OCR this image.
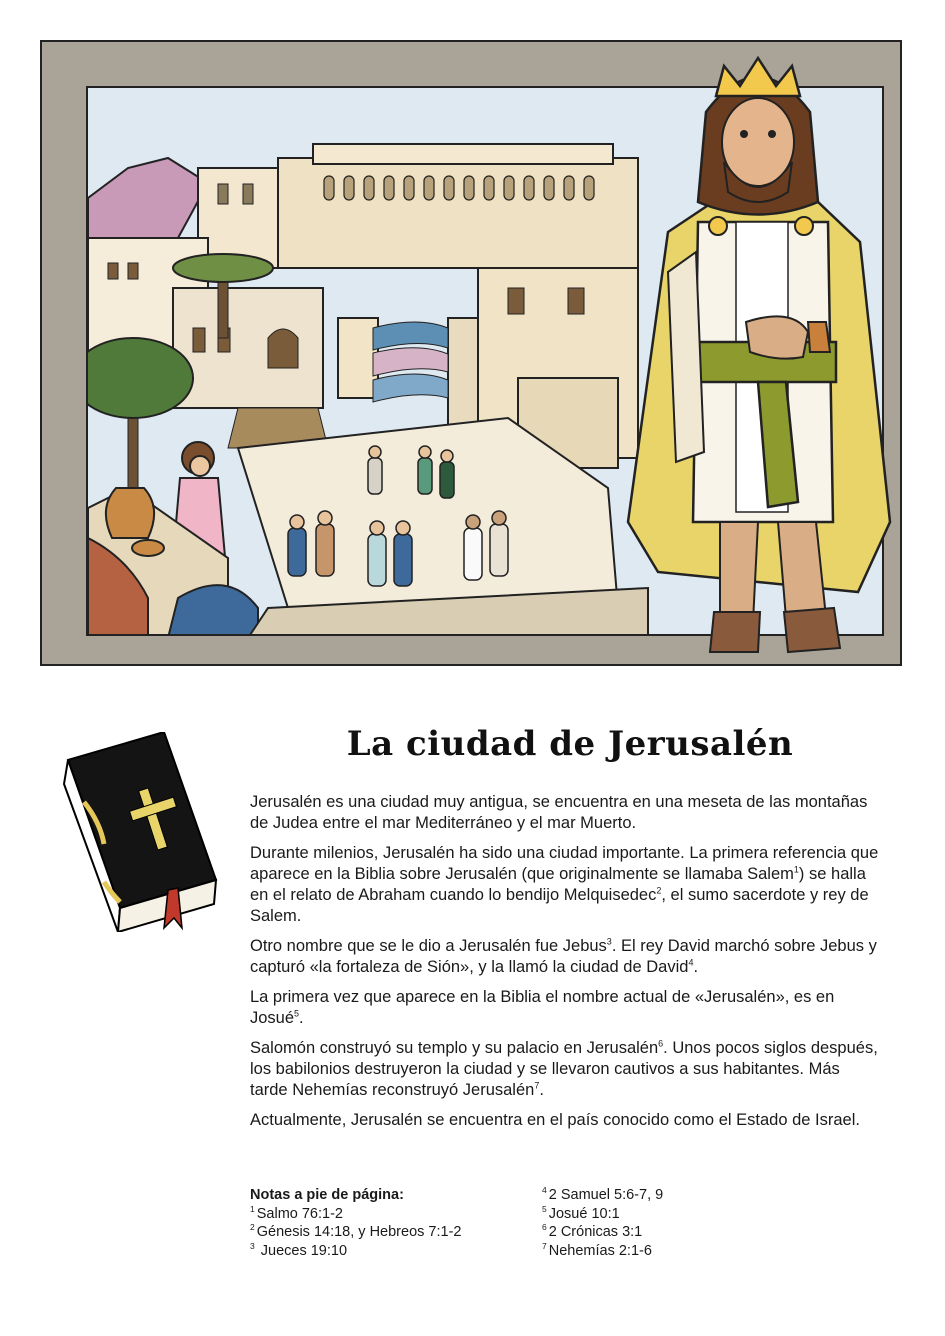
La ciudad de Jerusalén

Jerusalén es una ciudad muy antigua, se encuentra en una meseta de las montañas de Judea entre el mar Mediterráneo y el mar Muerto.

Durante milenios, Jerusalén ha sido una ciudad importante. La primera referencia que aparece en la Biblia sobre Jerusalén (que originalmente se llamaba Salem$^1$) se halla en el relato de Abraham cuando lo bendijo Melquisedec$^2$, el sumo sacerdote y rey de Salem.

Otro nombre que se le dio a Jerusalén fue Jebus$^3$. El rey David marchó sobre Jebus y capturó «la fortaleza de Sión», y la llamó la ciudad de David$^4$.

La primera vez que aparece en la Biblia el nombre actual de «Jerusalén», es en Josué$^5$.

Salomón construyó su templo y su palacio en Jerusalén$^6$. Unos pocos siglos después, los babilonios destruyeron la ciudad y se llevaron cautivos a sus habitantes. Más tarde Nehemías reconstruyó Jerusalén$^7$.

Actualmente, Jerusalén se encuentra en el país conocido como el Estado de Israel.

Notas a pie de página:
$^1$ Salmo 76:1-2
$^2$ Génesis 14:18, y Hebreos 7:1-2
$^3$ Jueces 19:10
$^4$ 2 Samuel 5:6-7, 9
$^5$ Josué 10:1
$^6$ 2 Crónicas 3:1
$^7$ Nehemías 2:1-6
